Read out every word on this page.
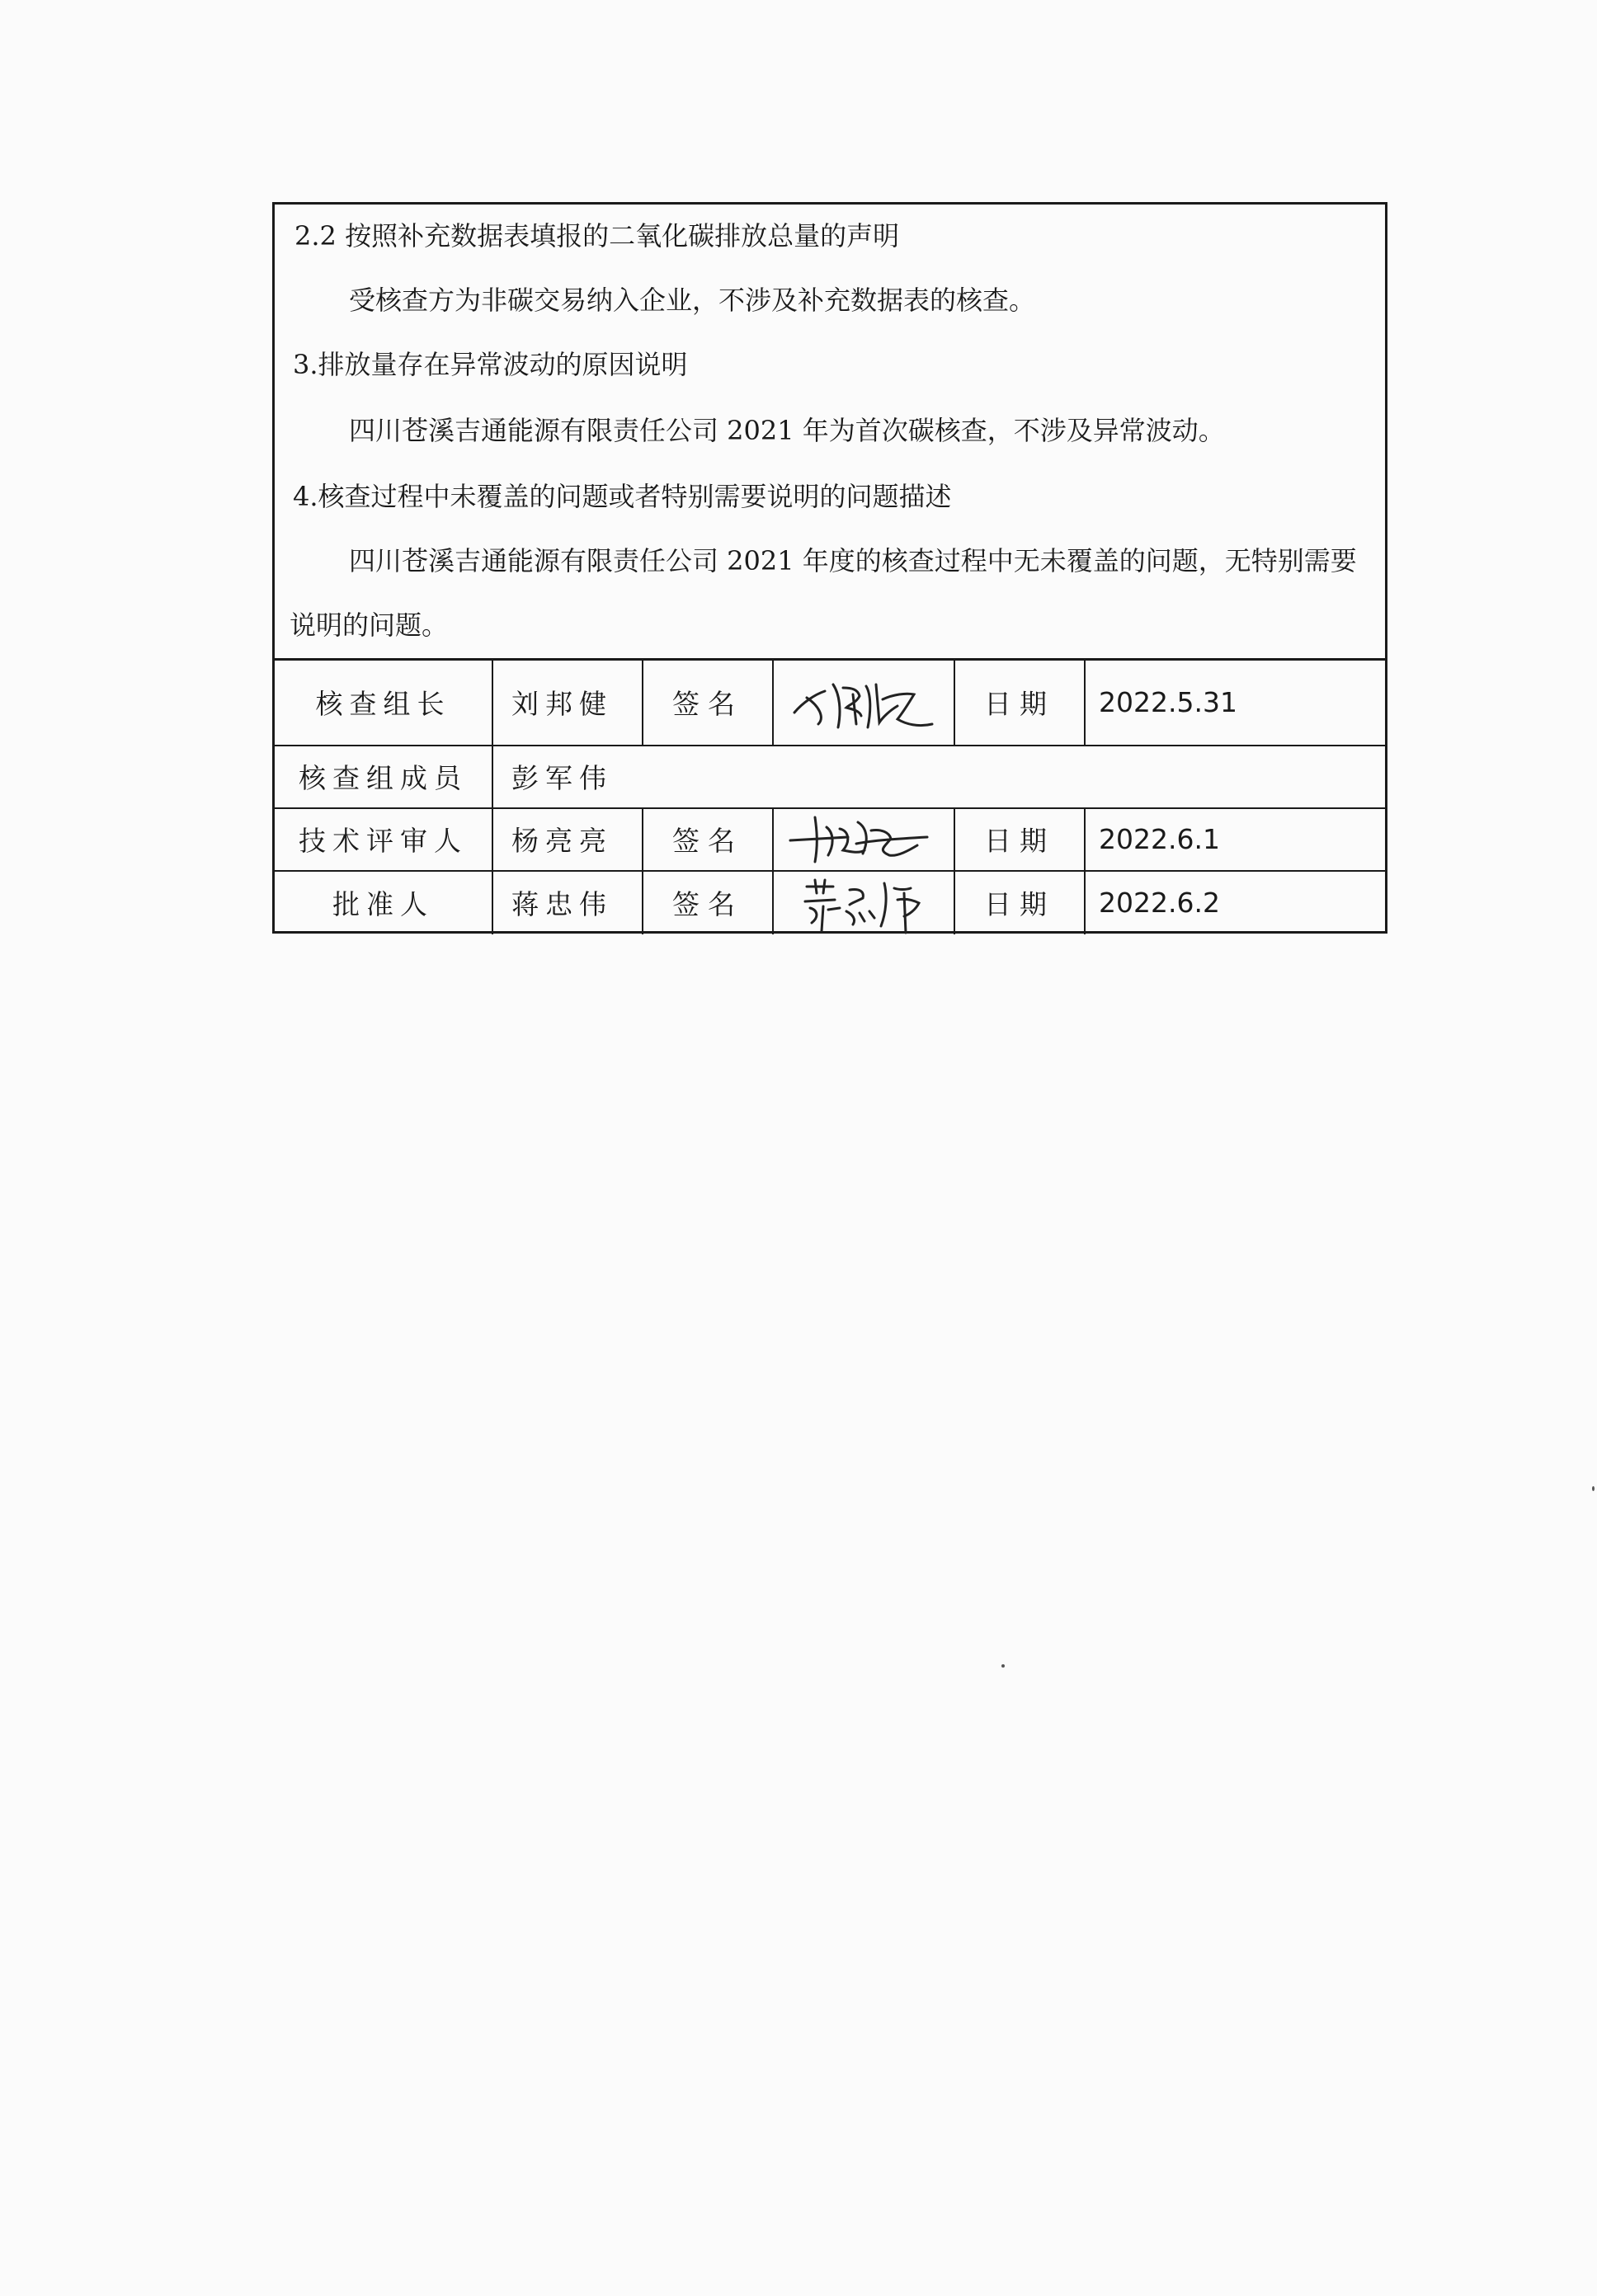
2.2 按照补充数据表填报的二氧化碳排放总量的声明
受核查方为非碳交易纳入企业，不涉及补充数据表的核查。
3.排放量存在异常波动的原因说明
四川苍溪吉通能源有限责任公司 2021 年为首次碳核查，不涉及异常波动。
4.核查过程中未覆盖的问题或者特别需要说明的问题描述
四川苍溪吉通能源有限责任公司 2021 年度的核查过程中无未覆盖的问题，无特别需要
说明的问题。
核查组长	刘邦健	签名		日期	2022.5.31
核查组成员	彭军伟				
技术评审人	杨亮亮	签名		日期	2022.6.1
批准人	蒋忠伟	签名		日期	2022.6.2
